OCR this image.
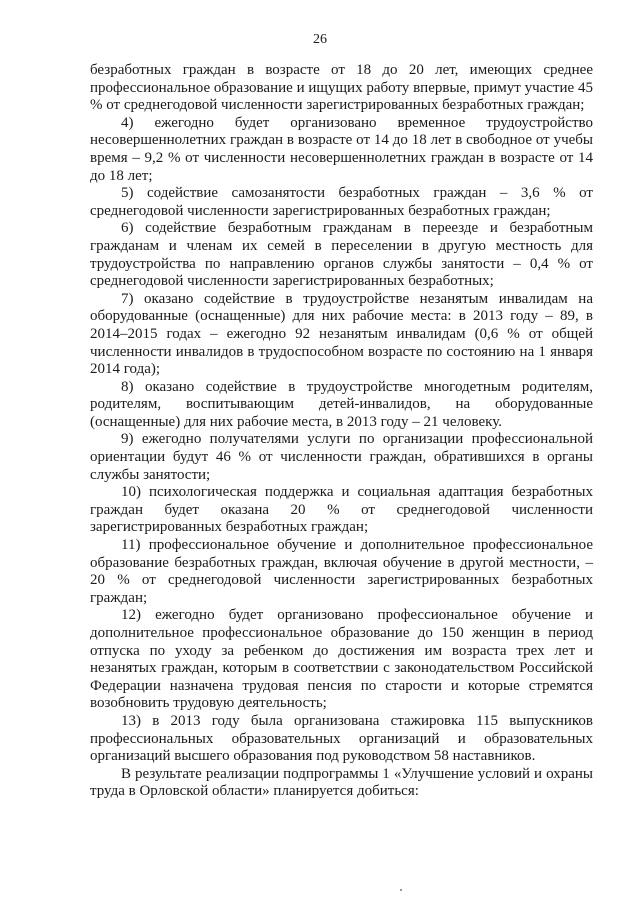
26

безработных граждан в возрасте от 18 до 20 лет, имеющих среднее профессиональное образование и ищущих работу впервые, примут участие 45 % от среднегодовой численности зарегистрированных безработных граждан;

4) ежегодно будет организовано временное трудоустройство несовершеннолетних граждан в возрасте от 14 до 18 лет в свободное от учебы время – 9,2 % от численности несовершеннолетних граждан в возрасте от 14 до 18 лет;

5) содействие самозанятости безработных граждан – 3,6 % от среднегодовой численности зарегистрированных безработных граждан;

6) содействие безработным гражданам в переезде и безработным гражданам и членам их семей в переселении в другую местность для трудоустройства по направлению органов службы занятости – 0,4 % от среднегодовой численности зарегистрированных безработных;

7) оказано содействие в трудоустройстве незанятым инвалидам на оборудованные (оснащенные) для них рабочие места: в 2013 году – 89, в 2014–2015 годах – ежегодно 92 незанятым инвалидам (0,6 % от общей численности инвалидов в трудоспособном возрасте по состоянию на 1 января 2014 года);

8) оказано содействие в трудоустройстве многодетным родителям, родителям, воспитывающим детей-инвалидов, на оборудованные (оснащенные) для них рабочие места, в 2013 году – 21 человеку.

9) ежегодно получателями услуги по организации профессиональной ориентации будут 46 % от численности граждан, обратившихся в органы службы занятости;

10) психологическая поддержка и социальная адаптация безработных граждан будет оказана 20 % от среднегодовой численности зарегистрированных безработных граждан;

11) профессиональное обучение и дополнительное профессиональное образование безработных граждан, включая обучение в другой местности, – 20 % от среднегодовой численности зарегистрированных безработных граждан;

12) ежегодно будет организовано профессиональное обучение и дополнительное профессиональное образование до 150 женщин в период отпуска по уходу за ребенком до достижения им возраста трех лет и незанятых граждан, которым в соответствии с законодательством Российской Федерации назначена трудовая пенсия по старости и которые стремятся возобновить трудовую деятельность;

13) в 2013 году была организована стажировка 115 выпускников профессиональных образовательных организаций и образовательных организаций высшего образования под руководством 58 наставников.

В результате реализации подпрограммы 1 «Улучшение условий и охраны труда в Орловской области» планируется добиться:
